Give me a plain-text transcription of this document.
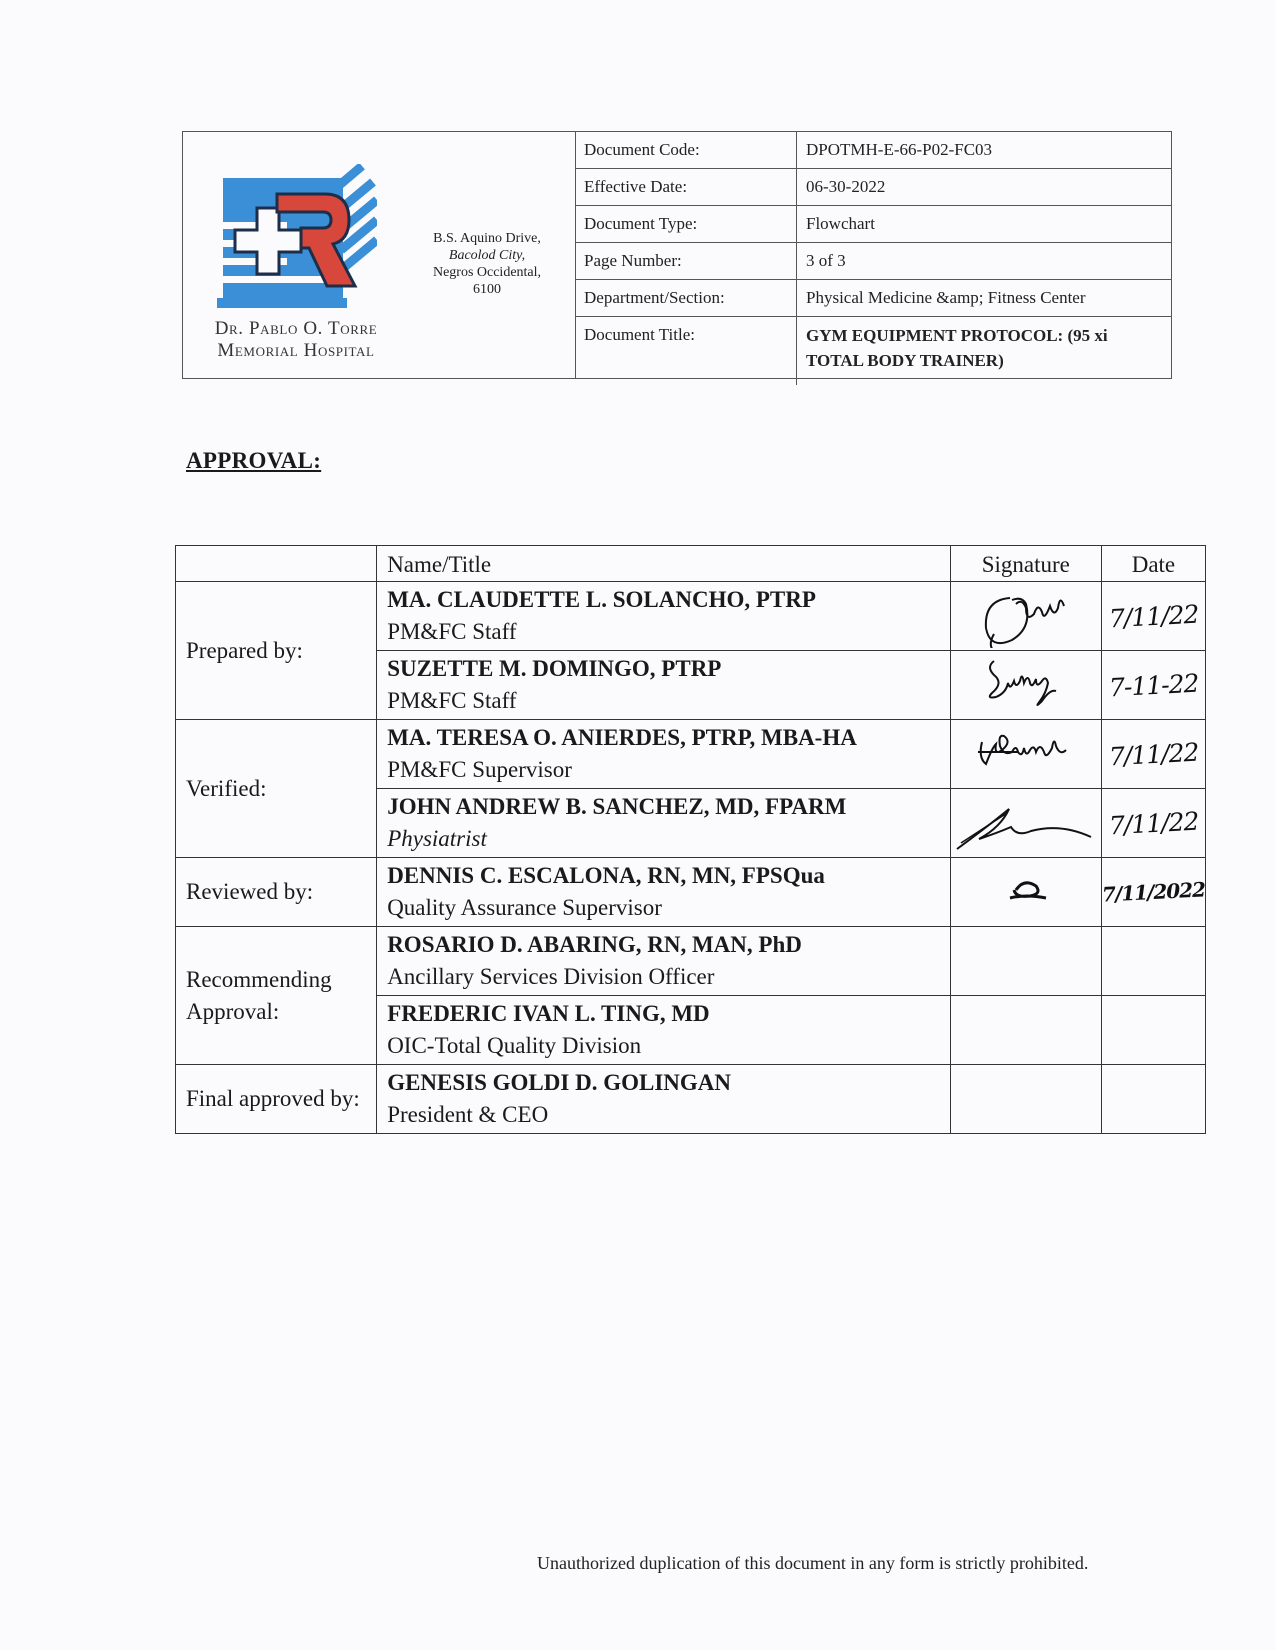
Dr. Pablo O. Torre
Memorial Hospital
B.S. Aquino Drive,
Bacolod City,
Negros Occidental,
6100
Document Code:	DPOTMH-E-66-P02-FC03
Effective Date:	06-30-2022
Document Type:	Flowchart
Page Number:	3 of 3
Department/Section:	Physical Medicine &amp; Fitness Center
Document Title:	GYM EQUIPMENT PROTOCOL: (95 xi TOTAL BODY TRAINER)
APPROVAL:
	Name/Title	Signature	Date
Prepared by:	MA. CLAUDETTE L. SOLANCHO, PTRP
PM&FC Staff		7/11/22

	SUZETTE M. DOMINGO, PTRP
PM&FC Staff		7-11-22
Verified:	MA. TERESA O. ANIERDES, PTRP, MBA-HA
PM&FC Supervisor		7/11/22

	JOHN ANDREW B. SANCHEZ, MD, FPARM
Physiatrist		7/11/22
Reviewed by:	DENNIS C. ESCALONA, RN, MN, FPSQua
Quality Assurance Supervisor		7/11/2022
Recommending Approval:	ROSARIO D. ABARING, RN, MAN, PhD
Ancillary Services Division Officer		

	FREDERIC IVAN L. TING, MD
OIC-Total Quality Division		

Final approved by:	GENESIS GOLDI D. GOLINGAN
President & CEO		

Unauthorized duplication of this document in any form is strictly prohibited.
